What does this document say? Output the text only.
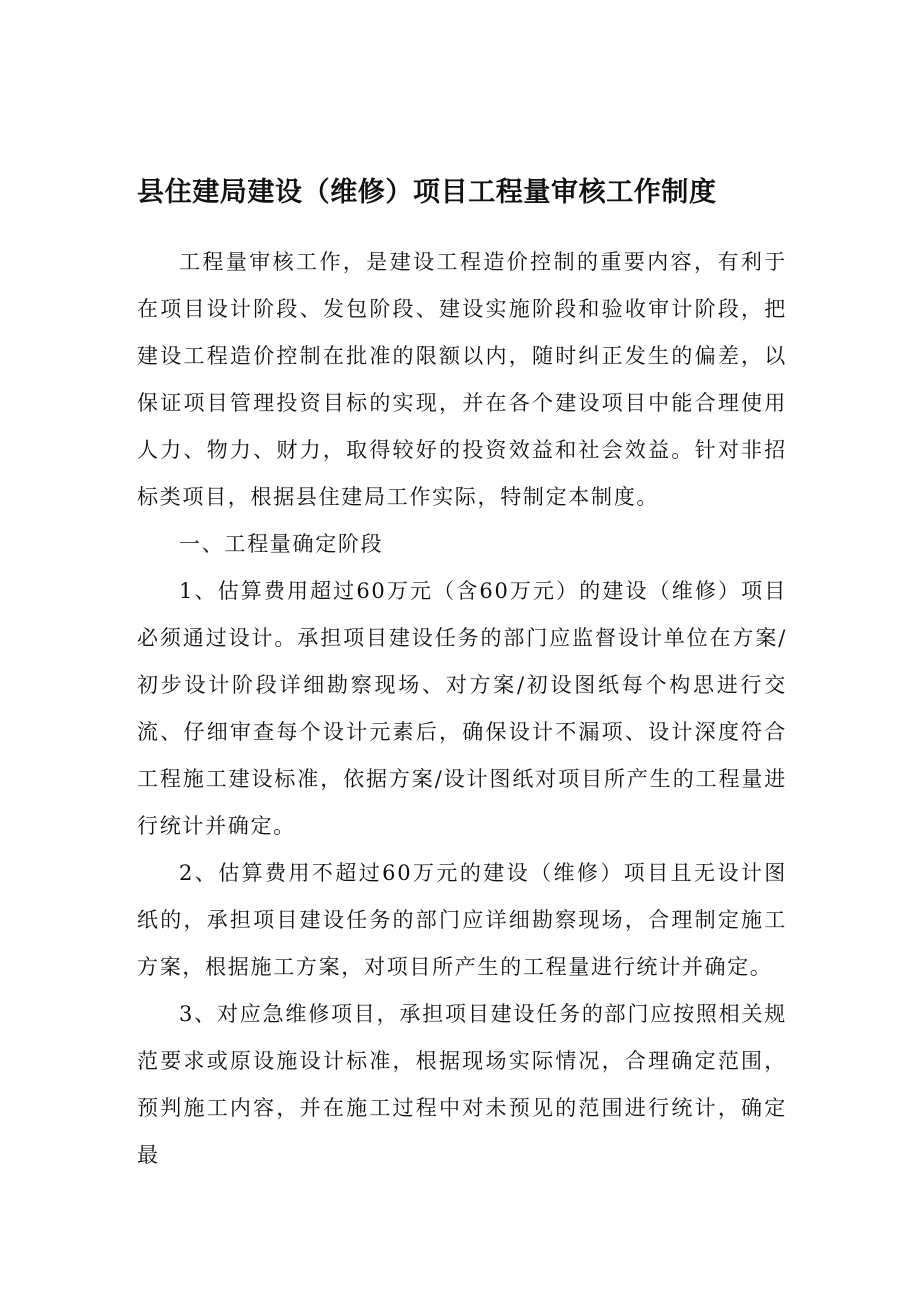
县住建局建设（维修）项目工程量审核工作制度

工程量审核工作，是建设工程造价控制的重要内容，有利于在项目设计阶段、发包阶段、建设实施阶段和验收审计阶段，把建设工程造价控制在批准的限额以内，随时纠正发生的偏差，以保证项目管理投资目标的实现，并在各个建设项目中能合理使用人力、物力、财力，取得较好的投资效益和社会效益。针对非招标类项目，根据县住建局工作实际，特制定本制度。

一、工程量确定阶段

1、估算费用超过60万元（含60万元）的建设（维修）项目必须通过设计。承担项目建设任务的部门应监督设计单位在方案/初步设计阶段详细勘察现场、对方案/初设图纸每个构思进行交流、仔细审查每个设计元素后，确保设计不漏项、设计深度符合工程施工建设标准，依据方案/设计图纸对项目所产生的工程量进行统计并确定。

2、估算费用不超过60万元的建设（维修）项目且无设计图纸的，承担项目建设任务的部门应详细勘察现场，合理制定施工方案，根据施工方案，对项目所产生的工程量进行统计并确定。

3、对应急维修项目，承担项目建设任务的部门应按照相关规范要求或原设施设计标准，根据现场实际情况，合理确定范围，预判施工内容，并在施工过程中对未预见的范围进行统计，确定最
